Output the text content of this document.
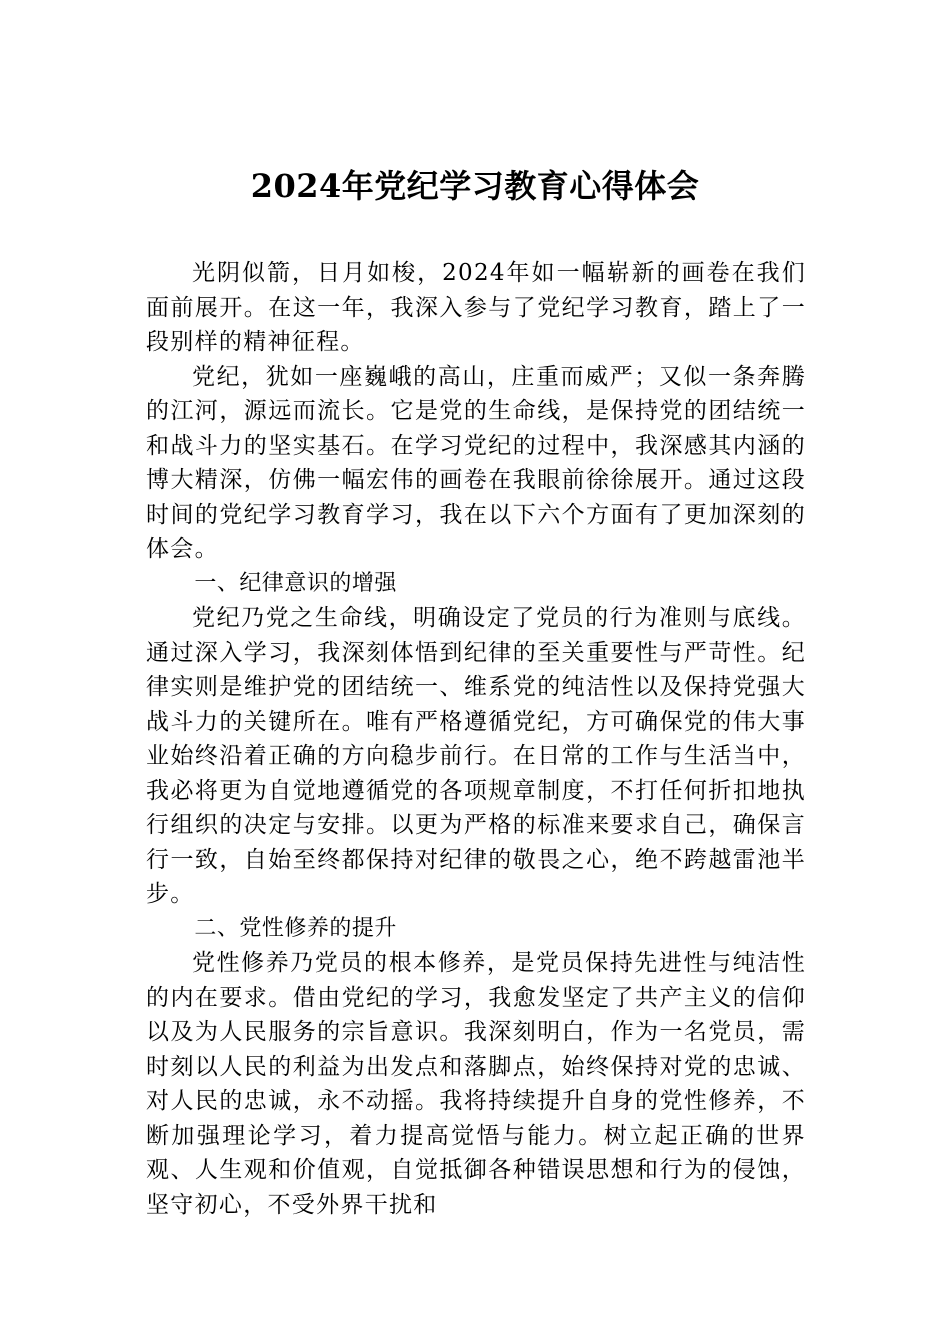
2024年党纪学习教育心得体会

光阴似箭，日月如梭，2024年如一幅崭新的画卷在我们面前展开。在这一年，我深入参与了党纪学习教育，踏上了一段别样的精神征程。

党纪，犹如一座巍峨的高山，庄重而威严；又似一条奔腾的江河，源远而流长。它是党的生命线，是保持党的团结统一和战斗力的坚实基石。在学习党纪的过程中，我深感其内涵的博大精深，仿佛一幅宏伟的画卷在我眼前徐徐展开。通过这段时间的党纪学习教育学习，我在以下六个方面有了更加深刻的体会。

一、纪律意识的增强

党纪乃党之生命线，明确设定了党员的行为准则与底线。通过深入学习，我深刻体悟到纪律的至关重要性与严苛性。纪律实则是维护党的团结统一、维系党的纯洁性以及保持党强大战斗力的关键所在。唯有严格遵循党纪，方可确保党的伟大事业始终沿着正确的方向稳步前行。在日常的工作与生活当中，我必将更为自觉地遵循党的各项规章制度，不打任何折扣地执行组织的决定与安排。以更为严格的标准来要求自己，确保言行一致，自始至终都保持对纪律的敬畏之心，绝不跨越雷池半步。

二、党性修养的提升

党性修养乃党员的根本修养，是党员保持先进性与纯洁性的内在要求。借由党纪的学习，我愈发坚定了共产主义的信仰以及为人民服务的宗旨意识。我深刻明白，作为一名党员，需时刻以人民的利益为出发点和落脚点，始终保持对党的忠诚、对人民的忠诚，永不动摇。我将持续提升自身的党性修养，不断加强理论学习，着力提高觉悟与能力。树立起正确的世界观、人生观和价值观，自觉抵御各种错误思想和行为的侵蚀，坚守初心，不受外界干扰和
